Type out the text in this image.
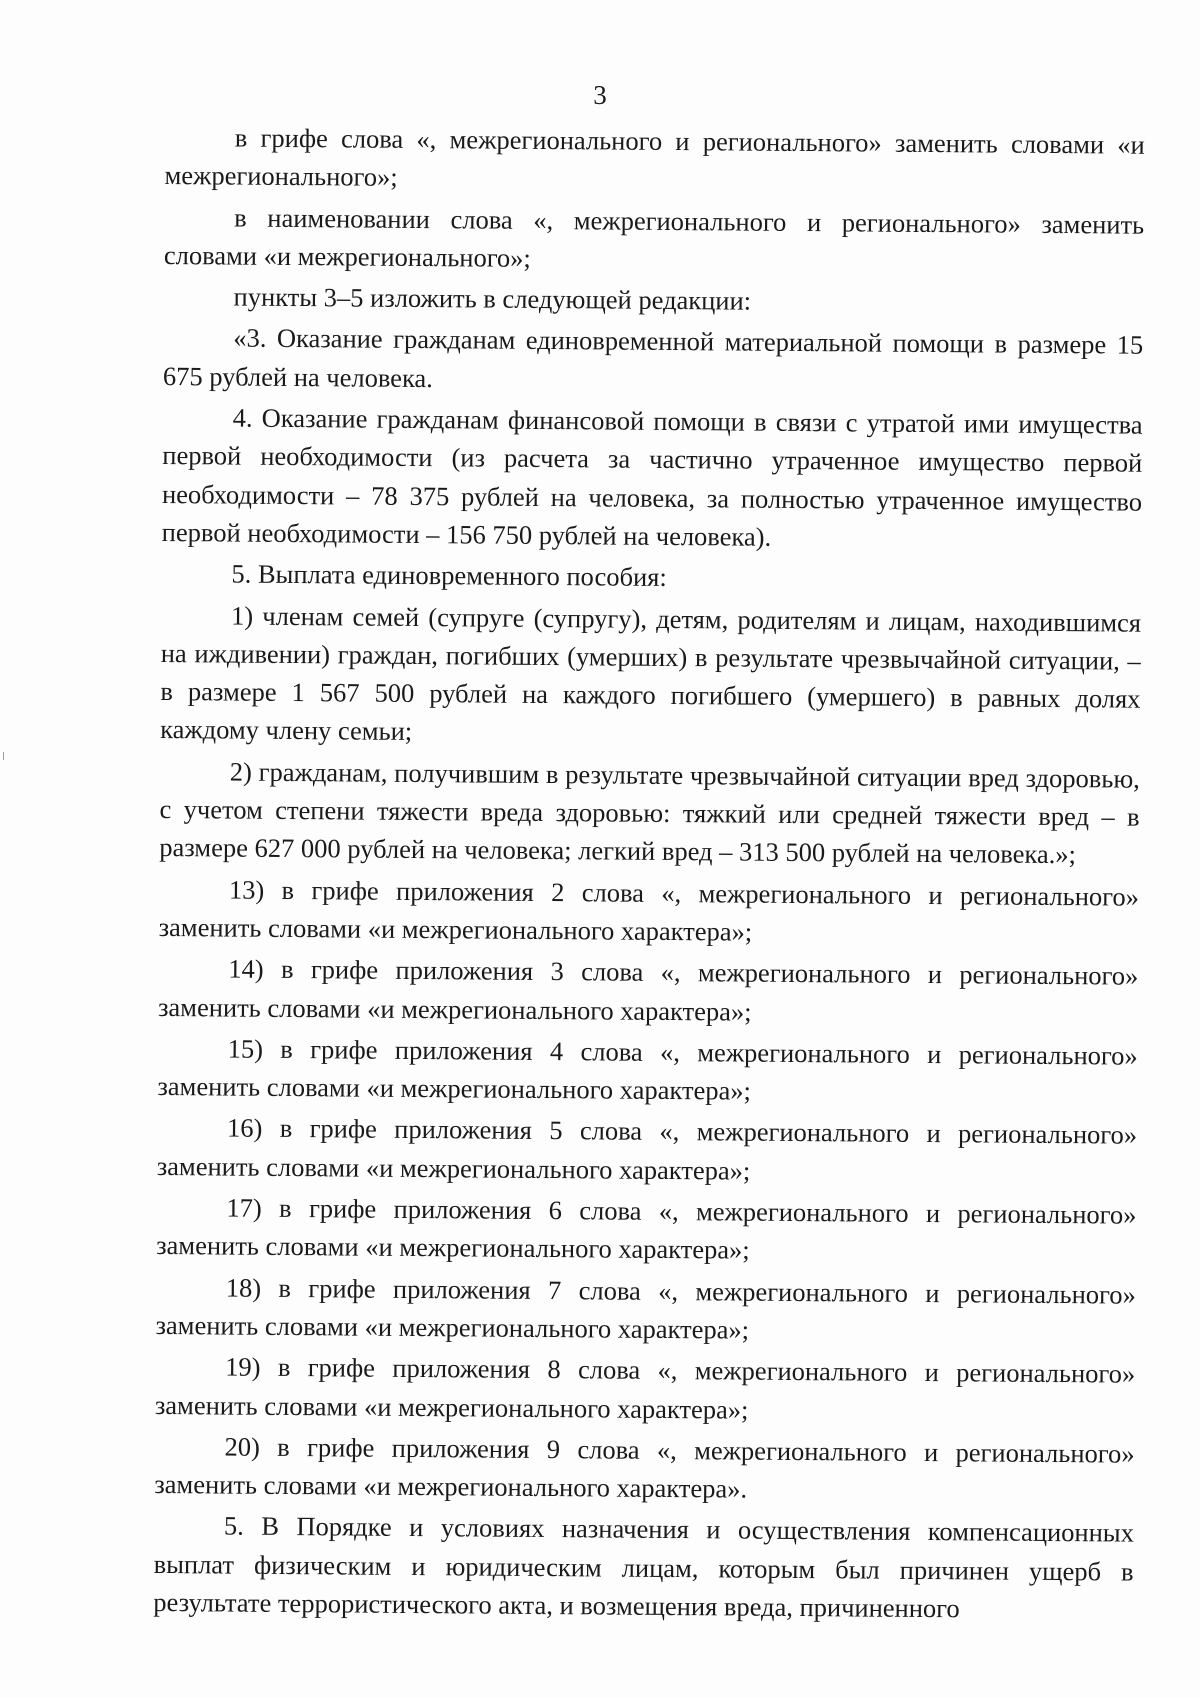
3

в грифе слова «, межрегионального и регионального» заменить словами «и межрегионального»;

в наименовании слова «, межрегионального и регионального» заменить словами «и межрегионального»;

пункты 3–5 изложить в следующей редакции:

«3. Оказание гражданам единовременной материальной помощи в размере 15 675 рублей на человека.

4. Оказание гражданам финансовой помощи в связи с утратой ими имущества первой необходимости (из расчета за частично утраченное имущество первой необходимости – 78 375 рублей на человека, за полностью утраченное имущество первой необходимости – 156 750 рублей на человека).

5. Выплата единовременного пособия:

1) членам семей (супруге (супругу), детям, родителям и лицам, находившимся на иждивении) граждан, погибших (умерших) в результате чрезвычайной ситуации, – в размере 1 567 500 рублей на каждого погибшего (умершего) в равных долях каждому члену семьи;

2) гражданам, получившим в результате чрезвычайной ситуации вред здоровью, с учетом степени тяжести вреда здоровью: тяжкий или средней тяжести вред – в размере 627 000 рублей на человека; легкий вред – 313 500 рублей на человека.»;

13) в грифе приложения 2 слова «, межрегионального и регионального» заменить словами «и межрегионального характера»;

14) в грифе приложения 3 слова «, межрегионального и регионального» заменить словами «и межрегионального характера»;

15) в грифе приложения 4 слова «, межрегионального и регионального» заменить словами «и межрегионального характера»;

16) в грифе приложения 5 слова «, межрегионального и регионального» заменить словами «и межрегионального характера»;

17) в грифе приложения 6 слова «, межрегионального и регионального» заменить словами «и межрегионального характера»;

18) в грифе приложения 7 слова «, межрегионального и регионального» заменить словами «и межрегионального характера»;

19) в грифе приложения 8 слова «, межрегионального и регионального» заменить словами «и межрегионального характера»;

20) в грифе приложения 9 слова «, межрегионального и регионального» заменить словами «и межрегионального характера».

5. В Порядке и условиях назначения и осуществления компенсационных выплат физическим и юридическим лицам, которым был причинен ущерб в результате террористического акта, и возмещения вреда, причиненного
